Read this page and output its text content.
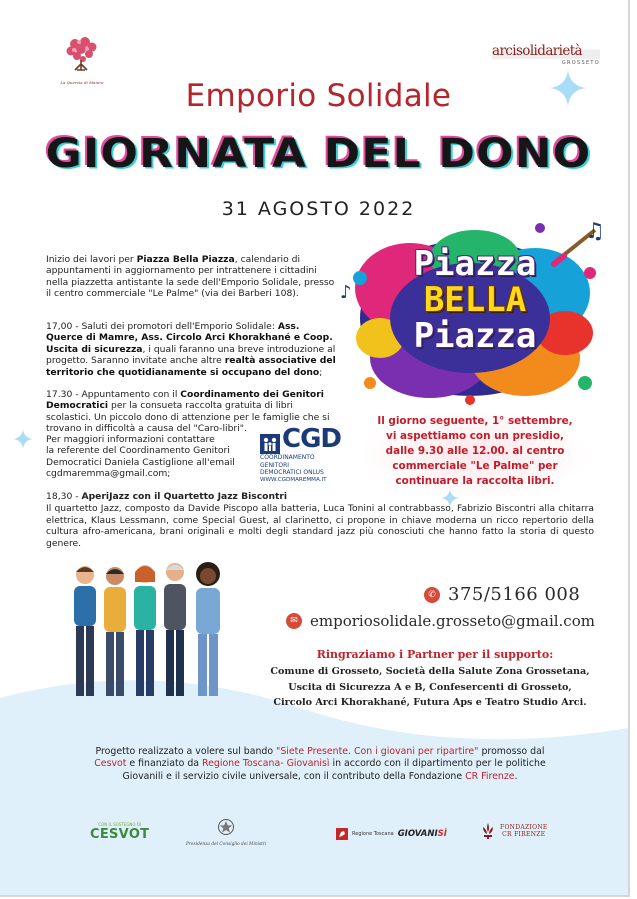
La Quercia di Mamre
arcisolidarietà
GROSSETO
Emporio Solidale
GIORNATA DEL DONO
31 AGOSTO 2022

Inizio dei lavori per Piazza Bella Piazza, calendario di appuntamenti in aggiornamento per intrattenere i cittadini nella piazzetta antistante la sede dell'Emporio Solidale, presso il centro commerciale "Le Palme" (via dei Barberi 108).

17,00 - Saluti dei promotori dell'Emporio Solidale: Ass. Querce di Mamre, Ass. Circolo Arci Khorakhané e Coop. Uscita di sicurezza, i quali faranno una breve introduzione al progetto. Saranno invitate anche altre realtà associative del territorio che quotidianamente si occupano del dono;

17.30 - Appuntamento con il Coordinamento dei Genitori Democratici per la consueta raccolta gratuita di libri scolastici. Un piccolo dono di attenzione per le famiglie che si trovano in difficoltà a causa del "Caro-libri".

Per maggiori informazioni contattare

la referente del Coordinamento Genitori

Democratici Daniela Castiglione all'email

cgdmaremma@gmail.com;

CGD
COORDINAMENTO
GENITORI
DEMOCRATICI ONLUS
WWW.CGDMAREMMA.IT
♫
♪
Piazza
BELLA
Piazza
Il giorno seguente, 1° settembre,
vi aspettiamo con un presidio,
dalle 9.30 alle 12.00. al centro
commerciale "Le Palme" per
continuare la raccolta libri.

18,30 - AperiJazz con il Quartetto Jazz Biscontri

Il quartetto Jazz, composto da Davide Piscopo alla batteria, Luca Tonini al contrabbasso, Fabrizio Biscontri alla chitarra elettrica, Klaus Lessmann, come Special Guest, al clarinetto, ci propone in chiave moderna un ricco repertorio della cultura afro-americana, brani originali e molti degli standard jazz più conosciuti che hanno fatto la storia di questo genere.

✆ 375/5166 008
✉ emporiosolidale.grosseto@gmail.com
Ringraziamo i Partner per il supporto:
Comune di Grosseto, Società della Salute Zona Grossetana,
Uscita di Sicurezza A e B, Confesercenti di Grosseto,
Circolo Arci Khorakhané, Futura Aps e Teatro Studio Arci.
Progetto realizzato a volere sul bando "Siete Presente. Con i giovani per ripartire" promosso dal Cesvot e finanziato da Regione Toscana- Giovanisì in accordo con il dipartimento per le politiche Giovanili e il servizio civile universale, con il contributo della Fondazione CR Firenze.
CON IL SOSTEGNO DI
CESVOT
Presidenza del Consiglio dei Ministri
Regione Toscana GIOVANISÌ
FONDAZIONE
CR FIRENZE
